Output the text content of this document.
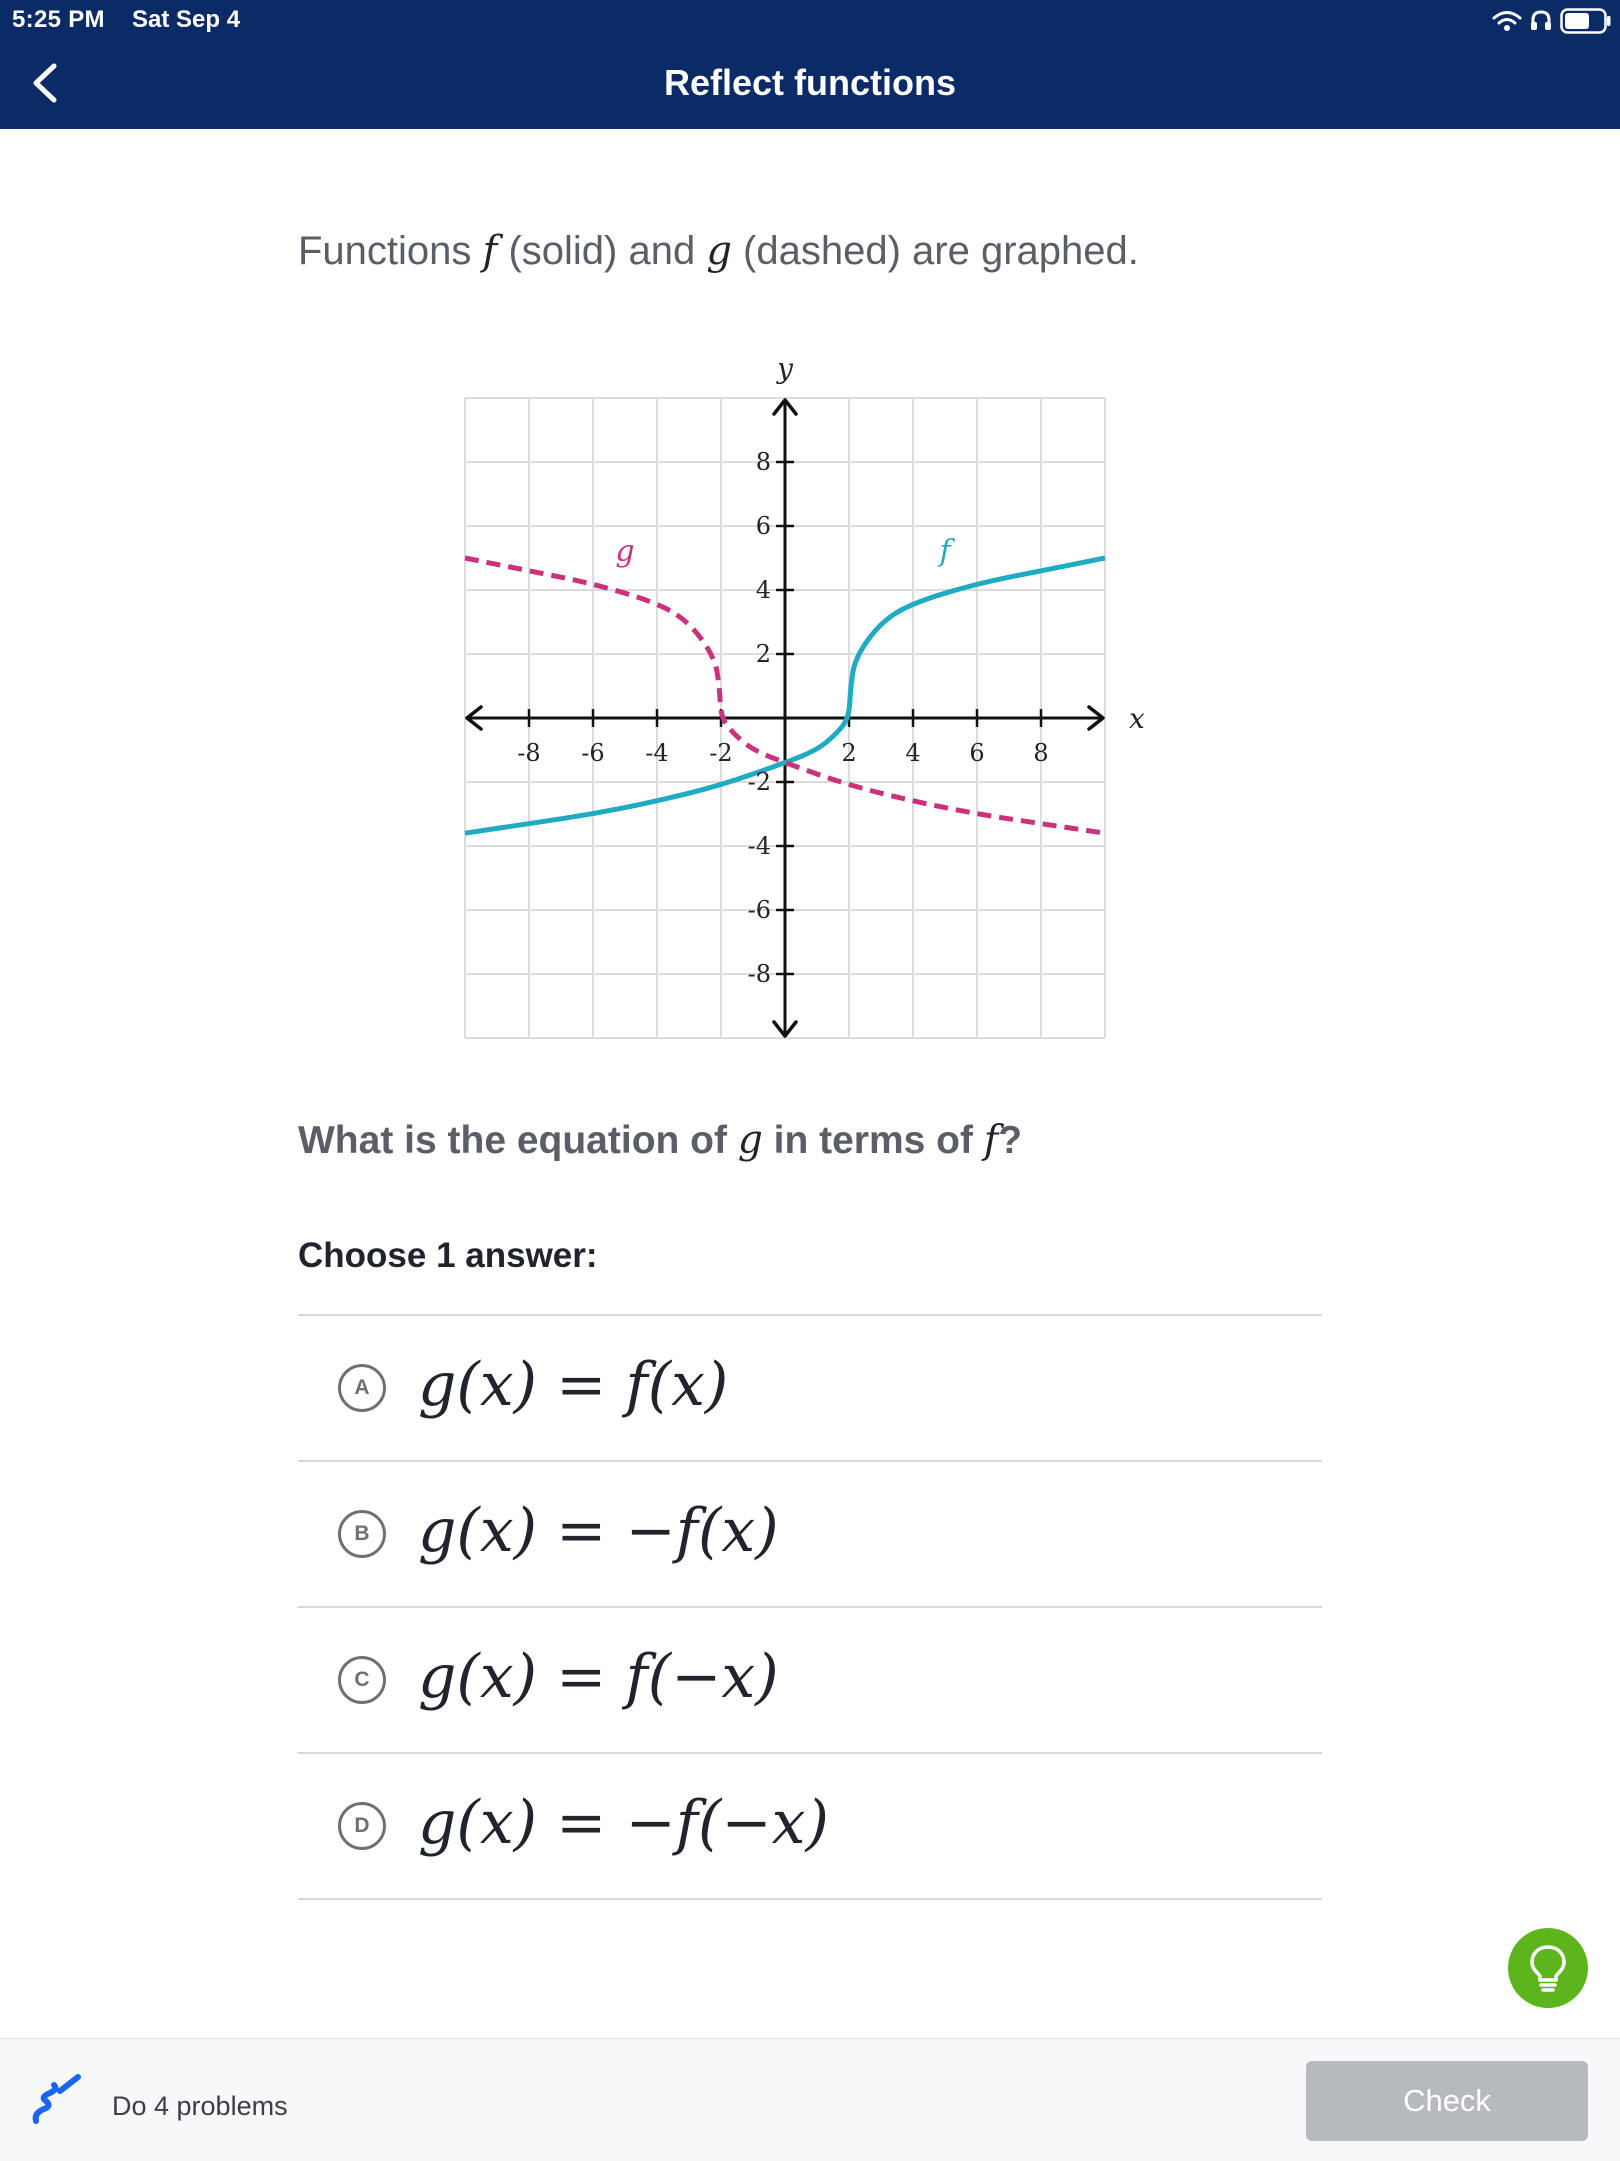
5:25 PM Sat Sep 4
Reflect functions
Functions f (solid) and g (dashed) are graphed.
-8 -6 -4 -2	2 4 6 8
8
6
4
2
-2
-4
-6
-8
x
y
g	f
What is the equation of g in terms of f?
Choose 1 answer:
A g(x) = f(x)
B g(x) = −f(x)
C g(x) = f(−x)
D g(x) = −f(−x)
Do 4 problems	Check
